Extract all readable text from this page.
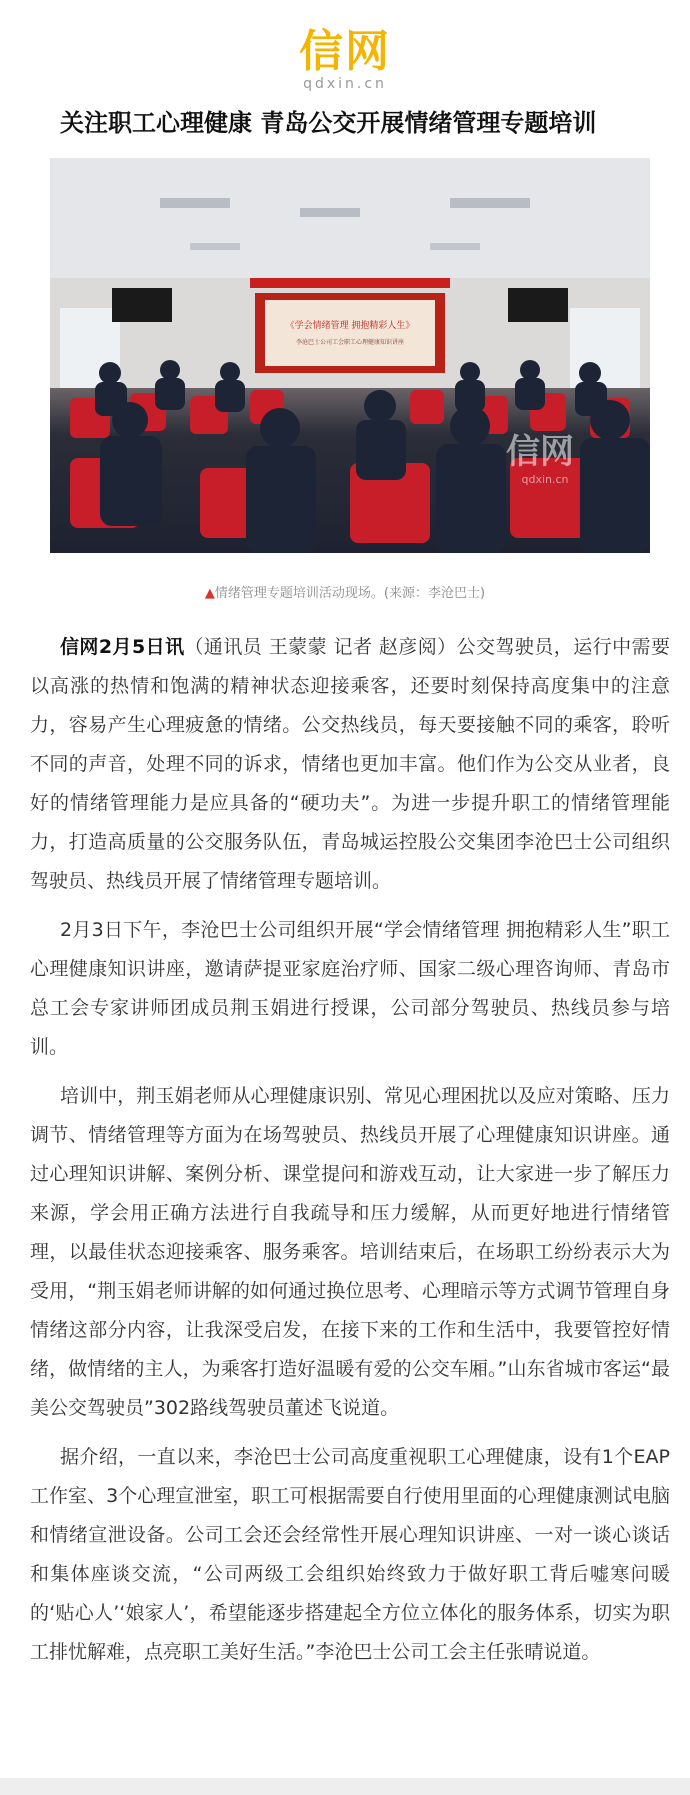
信网
qdxin.cn
关注职工心理健康 青岛公交开展情绪管理专题培训
《学会情绪管理 拥抱精彩人生》
李沧巴士公司工会职工心理健康知识讲座
信网
qdxin.cn
▲情绪管理专题培训活动现场。(来源：李沧巴士)

信网2月5日讯（通讯员 王蒙蒙 记者 赵彦阅）公交驾驶员，运行中需要以高涨的热情和饱满的精神状态迎接乘客，还要时刻保持高度集中的注意力，容易产生心理疲惫的情绪。公交热线员，每天要接触不同的乘客，聆听不同的声音，处理不同的诉求，情绪也更加丰富。他们作为公交从业者，良好的情绪管理能力是应具备的“硬功夫”。为进一步提升职工的情绪管理能力，打造高质量的公交服务队伍，青岛城运控股公交集团李沧巴士公司组织驾驶员、热线员开展了情绪管理专题培训。

2月3日下午，李沧巴士公司组织开展“学会情绪管理 拥抱精彩人生”职工心理健康知识讲座，邀请萨提亚家庭治疗师、国家二级心理咨询师、青岛市总工会专家讲师团成员荆玉娟进行授课，公司部分驾驶员、热线员参与培训。

培训中，荆玉娟老师从心理健康识别、常见心理困扰以及应对策略、压力调节、情绪管理等方面为在场驾驶员、热线员开展了心理健康知识讲座。通过心理知识讲解、案例分析、课堂提问和游戏互动，让大家进一步了解压力来源，学会用正确方法进行自我疏导和压力缓解，从而更好地进行情绪管理，以最佳状态迎接乘客、服务乘客。培训结束后，在场职工纷纷表示大为受用，“荆玉娟老师讲解的如何通过换位思考、心理暗示等方式调节管理自身情绪这部分内容，让我深受启发，在接下来的工作和生活中，我要管控好情绪，做情绪的主人，为乘客打造好温暖有爱的公交车厢。”山东省城市客运“最美公交驾驶员”302路线驾驶员董述飞说道。

据介绍，一直以来，李沧巴士公司高度重视职工心理健康，设有1个EAP工作室、3个心理宣泄室，职工可根据需要自行使用里面的心理健康测试电脑和情绪宣泄设备。公司工会还会经常性开展心理知识讲座、一对一谈心谈话和集体座谈交流，“公司两级工会组织始终致力于做好职工背后嘘寒问暖的‘贴心人’‘娘家人’，希望能逐步搭建起全方位立体化的服务体系，切实为职工排忧解难，点亮职工美好生活。”李沧巴士公司工会主任张晴说道。
